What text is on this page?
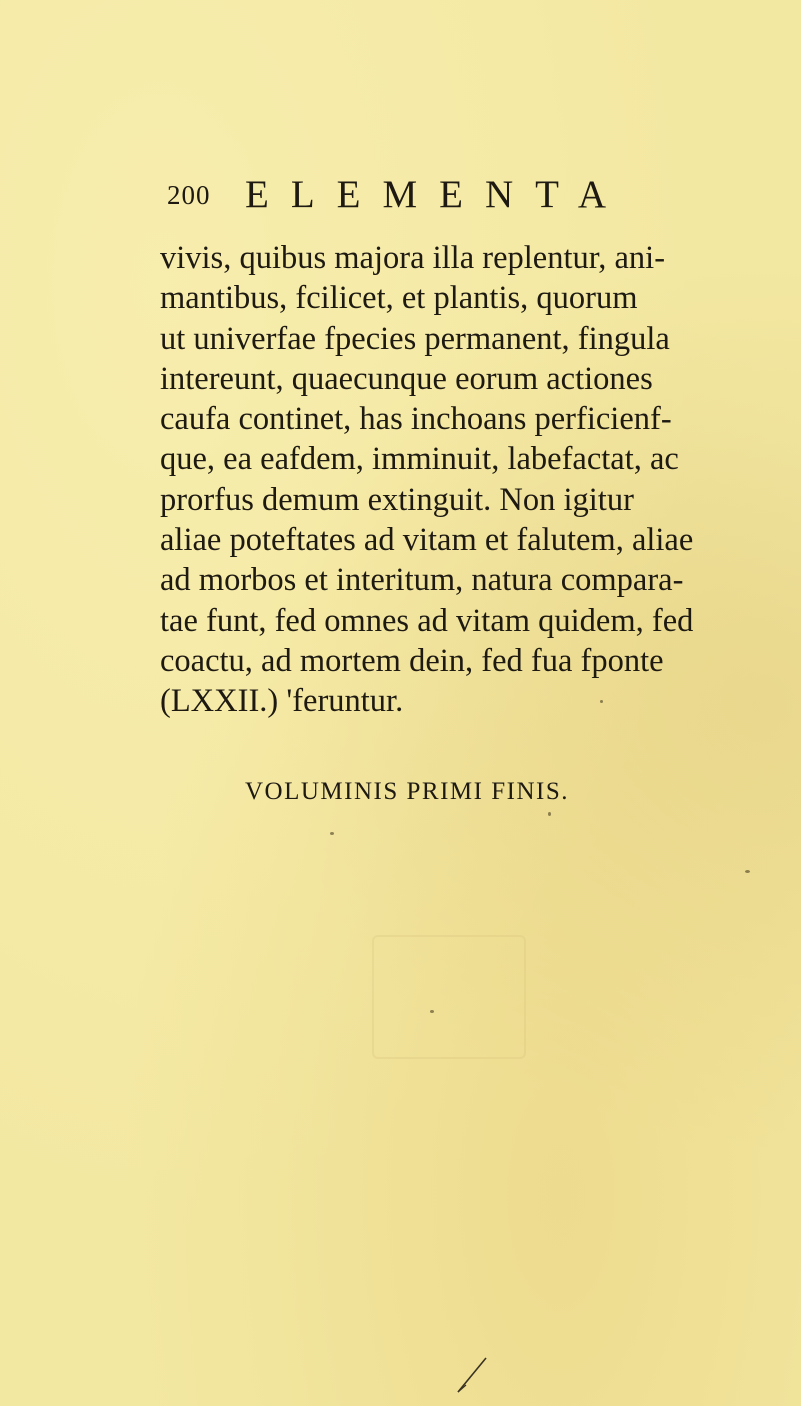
200 ELEMENTA
vivis, quibus majora illa replentur, ani-
mantibus, fcilicet, et plantis, quorum
ut univerfae fpecies permanent, fingula
intereunt, quaecunque eorum actiones
caufa continet, has inchoans perficienf-
que, ea eafdem, imminuit, labefactat, ac
prorfus demum extinguit. Non igitur
aliae poteftates ad vitam et falutem, aliae
ad morbos et interitum, natura compara-
tae funt, fed omnes ad vitam quidem, fed
coactu, ad mortem dein, fed fua fponte
(LXXII.) 'feruntur.
VOLUMINIS PRIMI FINIS.
